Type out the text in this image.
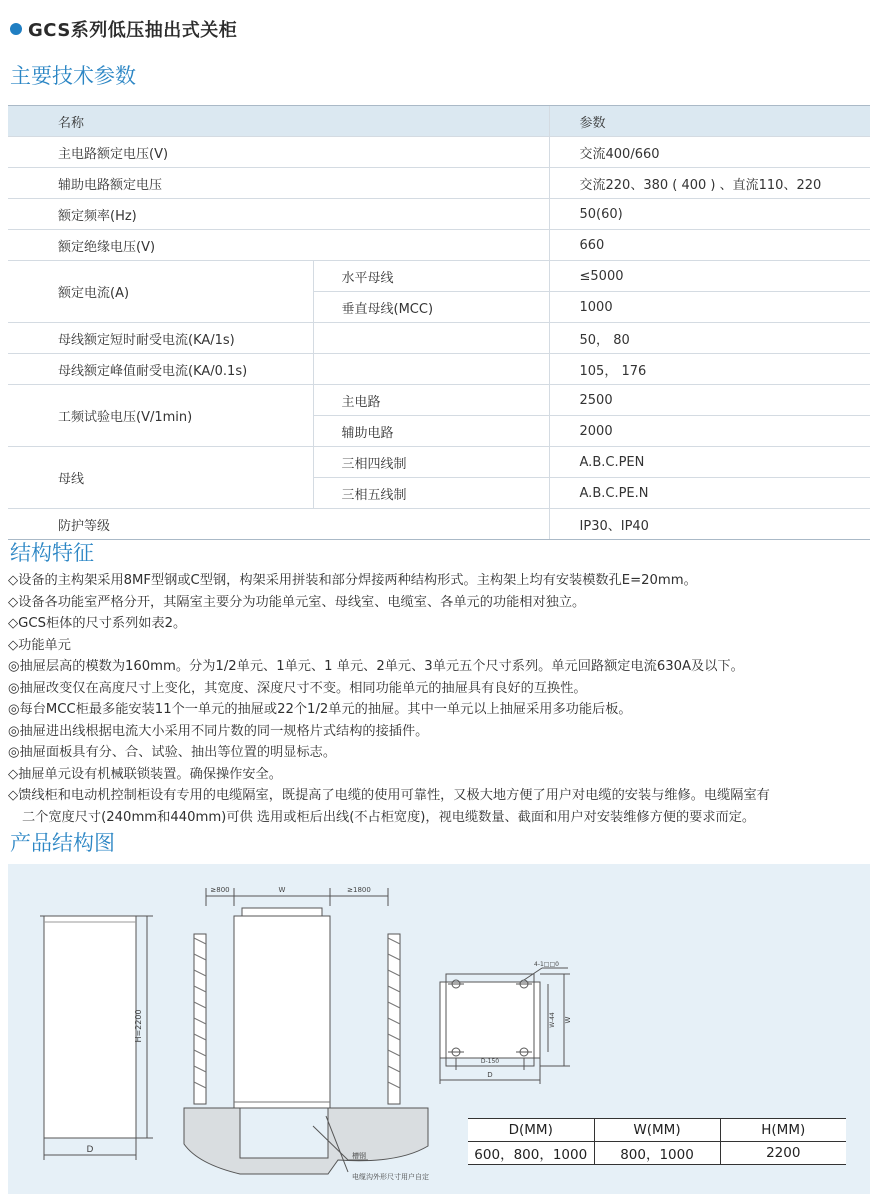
GCS系列低压抽出式关柜
主要技术参数
名称		参数
主电路额定电压(V)		交流400/660
辅助电路额定电压		交流220、380 ( 400 ) 、直流110、220
额定频率(Hz)		50(60)
额定绝缘电压(V)		660
额定电流(A)	水平母线	≤5000
	垂直母线(MCC)	1000
母线额定短时耐受电流(KA/1s)		50， 80
母线额定峰值耐受电流(KA/0.1s)		105， 176
工频试验电压(V/1min)	主电路	2500
	辅助电路	2000
母线	三相四线制	A.B.C.PEN
	三相五线制	A.B.C.PE.N
防护等级		IP30、IP40
结构特征
◇设备的主构架采用8MF型钢或C型钢，构架采用拼装和部分焊接两种结构形式。主构架上均有安装模数孔E=20mm。
◇设备各功能室严格分开，其隔室主要分为功能单元室、母线室、电缆室、各单元的功能相对独立。
◇GCS柜体的尺寸系列如表2。
◇功能单元
◎抽屉层高的模数为160mm。分为1/2单元、1单元、1 单元、2单元、3单元五个尺寸系列。单元回路额定电流630A及以下。
◎抽屉改变仅在高度尺寸上变化，其宽度、深度尺寸不变。相同功能单元的抽屉具有良好的互换性。
◎每台MCC柜最多能安装11个一单元的抽屉或22个1/2单元的抽屉。其中一单元以上抽屉采用多功能后板。
◎抽屉进出线根据电流大小采用不同片数的同一规格片式结构的接插件。
◎抽屉面板具有分、合、试验、抽出等位置的明显标志。
◇抽屉单元设有机械联锁装置。确保操作安全。
◇馈线柜和电动机控制柜设有专用的电缆隔室，既提高了电缆的使用可靠性，又极大地方便了用户对电缆的安装与维修。电缆隔室有
二个宽度尺寸(240mm和440mm)可供 选用或柜后出线(不占柜宽度)，视电缆数量、截面和用户对安装维修方便的要求而定。
产品结构图
H=2200
D
≥800	W	≥1800
槽钢
电缆沟外形尺寸用户自定
4-1□□0
W-44 W
D-150
D
D(MM)	W(MM)	H(MM)
600，800，1000	800，1000	2200
